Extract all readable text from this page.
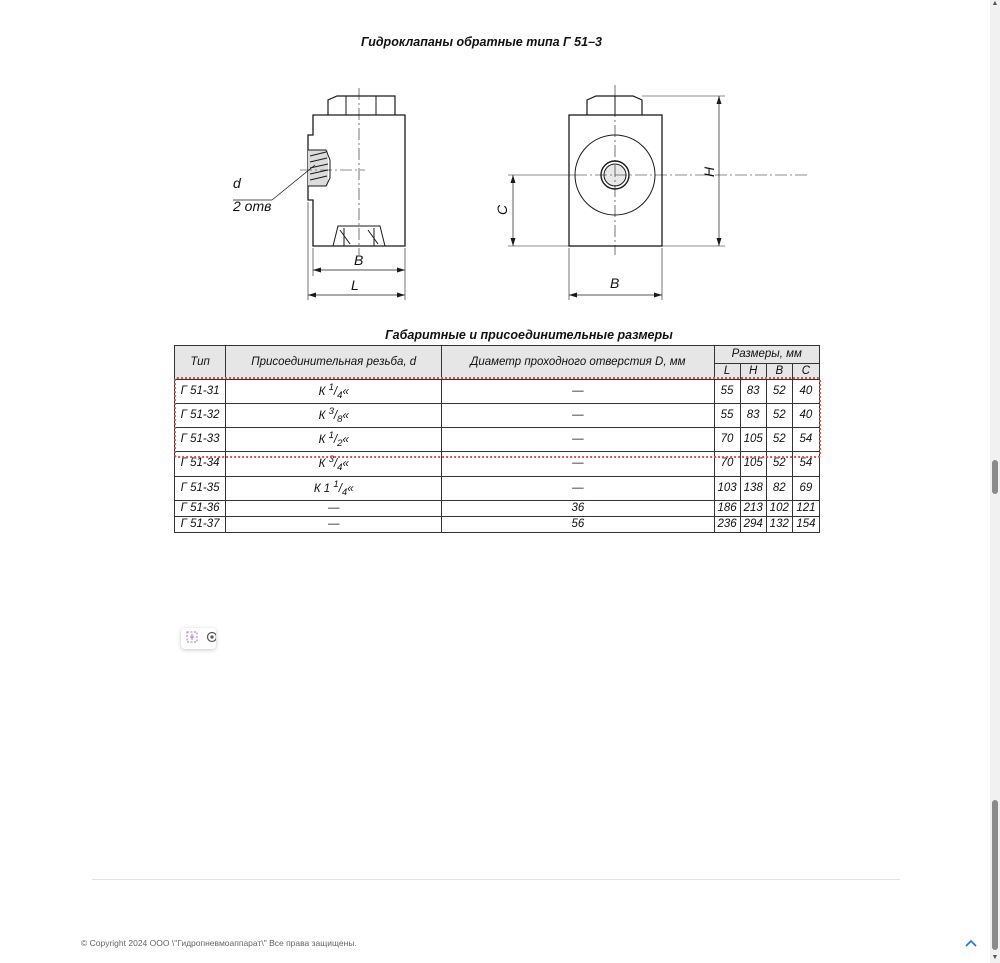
Гидроклапаны обратные типа Г 51–3
d
2 отв
B
L
C
H
B
Габаритные и присоединительные размеры
Тип	Присоединительная резьба, d	Диаметр проходного отверстия D, мм	Размеры, мм			
			L	H	B	C
Г 51-31	К $^1/_4«$	—	55	83	52	40
Г 51-32	К $^3/_8«$	—	55	83	52	40
Г 51-33	К $^1/_2«$	—	70	105	52	54
Г 51-34	К $^3/_4«$	—	70	105	52	54
Г 51-35	К 1 $^1/_4«$	—	103	138	82	69
Г 51-36	—	36	186	213	102	121
Г 51-37	—	56	236	294	132	154
© Copyright 2024 ООО \"Гидропневмоаппарат\" Все права защищены.
▲
▼
